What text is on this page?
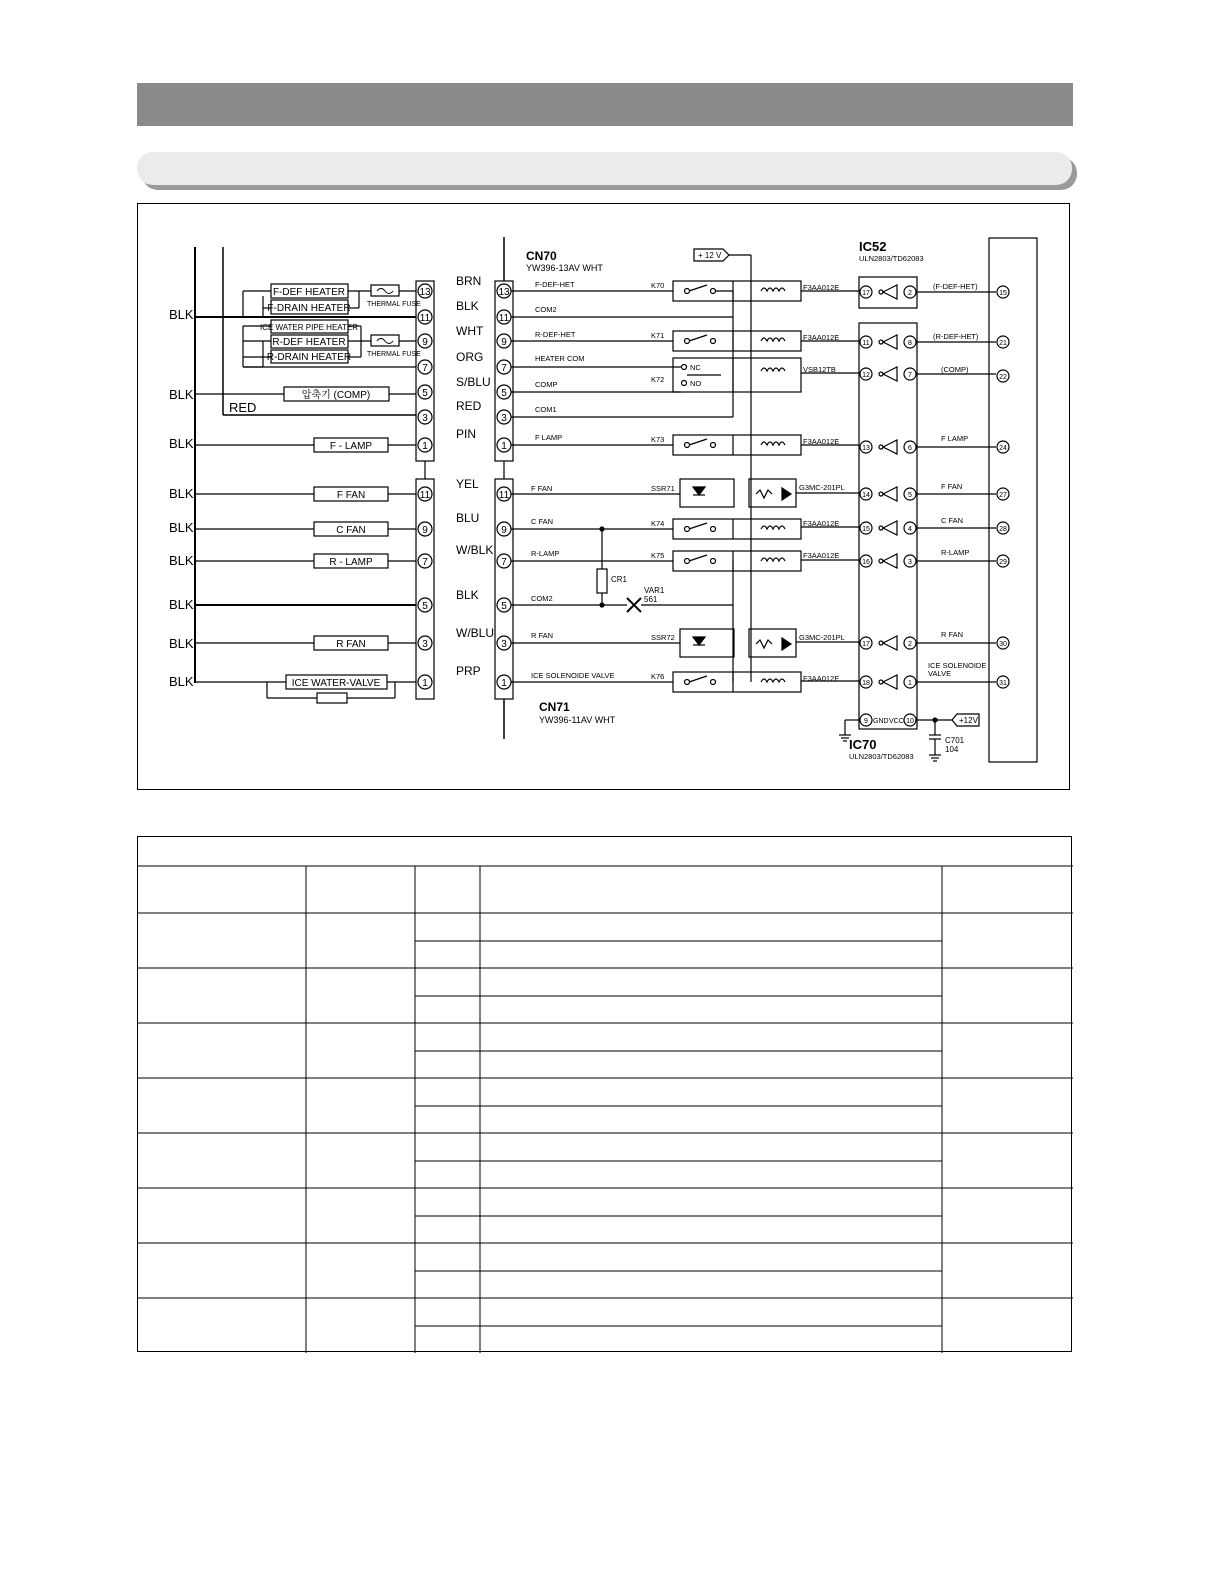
BLK
BLK
BLK
BLK
BLK
BLK
BLK
BLK
BLK
RED
F-DEF HEATER
F-DRAIN HEATER THERMAL FUSE
ICE WATER PIPE HEATER
R-DEF HEATER
R-DRAIN HEATER THERMAL FUSE
압축기 (COMP)
F - LAMP
F FAN
C FAN
R - LAMP
R FAN
ICE WATER-VALVE
13
11
9
7
5
3
1
11
9
7
5
3
1
13
11
9
7
5
3
1
11
9
7
5
3
1
BRN
BLK
WHT
ORG
S/BLU
RED
PIN
YEL
BLU
W/BLK
BLK
W/BLU
PRP
CN70
YW396-13AV WHT
CN71
YW396-11AV WHT
F-DEF-HET
COM2
R-DEF-HET
HEATER COM
COMP
COM1
F LAMP
F FAN
C FAN
R-LAMP
COM2
R FAN
ICE SOLENOIDE VALVE
CR1
VAR1
561
+ 12 V
K70
K71
K72
K73
SSR71
K74
K75
SSR72
K76
NC
NO
F3AA012E
F3AA012E
VSB12TB
F3AA012E
G3MC-201PL
F3AA012E
F3AA012E
G3MC-201PL
F3AA012E
IC52
ULN2803/TD62083
17	2
11
12
13
14
15
16
17
18
8
7
6
5
4
3
2
1
9	10
GND VCC
IC70
ULN2803/TD62083
+12V
C701
104
15
21
22
24
27
28
29
30
31
(F-DEF-HET)
(R-DEF-HET)
(COMP)
F LAMP
F FAN
C FAN
R-LAMP
R FAN
ICE SOLENOIDE VALVE
